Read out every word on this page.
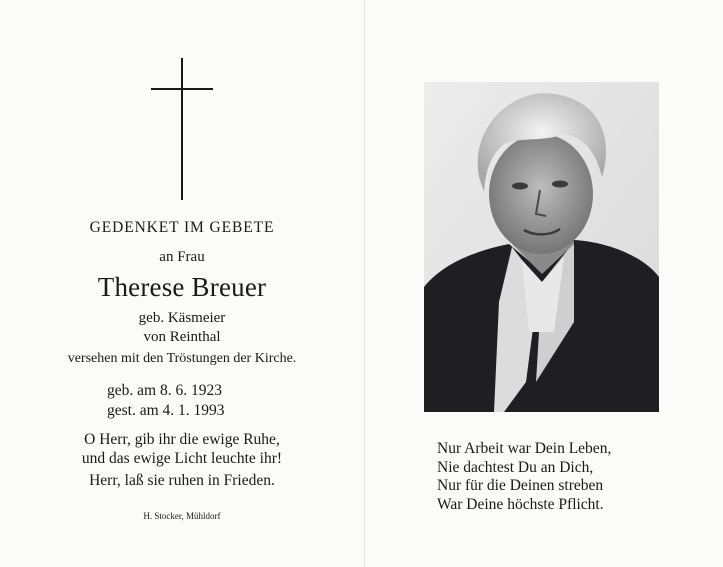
GEDENKET IM GEBETE
an Frau
Therese Breuer
geb. Käsmeier
von Reinthal
versehen mit den Tröstungen der Kirche.
geb. am 8. 6. 1923
gest. am 4. 1. 1993
O Herr, gib ihr die ewige Ruhe,
und das ewige Licht leuchte ihr!
Herr, laß sie ruhen in Frieden.
H. Stocker, Mühldorf
Nur Arbeit war Dein Leben,
Nie dachtest Du an Dich,
Nur für die Deinen streben
War Deine höchste Pflicht.
